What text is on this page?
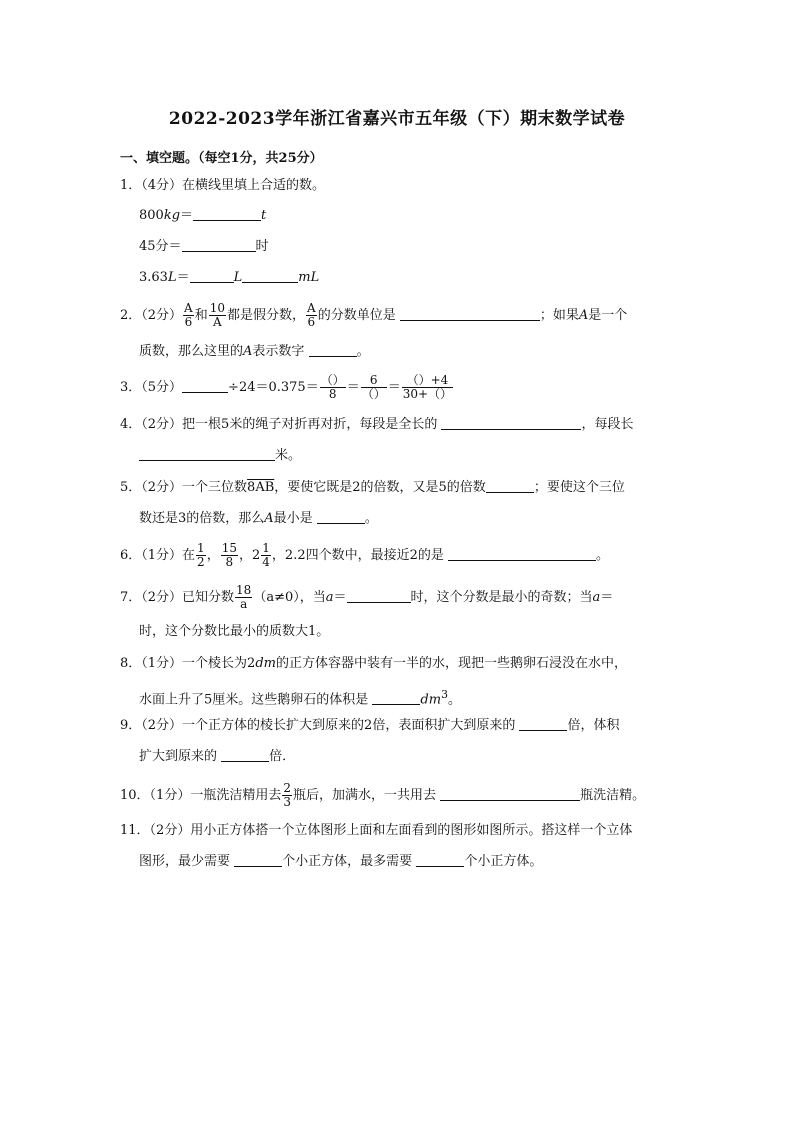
2022-2023学年浙江省嘉兴市五年级（下）期末数学试卷
一、填空题。（每空1分，共25分）
1．（4分）在横线里填上合适的数。
800kg＝	t
45分＝	时
3.63L＝	L	mL
2．（2分） $\frac{A}{6}$ 和 $\frac{10}{A}$ 都是假分数， $\frac{A}{6}$ 的分数单位是	；如果A是一个
质数，那么这里的A表示数字	。
3．（5分）	$\div 24=0.375= \frac{()}{8} = \frac{6}{()} = \frac{()+4}{30+()}$
4．（2分）把一根5米的绳子对折再对折，每段是全长的	，每段长
米。
5．（2分）一个三位数8AB，要使它既是2的倍数，又是5的倍数	；要使这个三位
数还是3的倍数，那么A最小是	。
6．（1分）在 $\frac{1}{2}$ ， $\frac{15}{8}$ ，$2 \frac{1}{4}$ ，2.2四个数中，最接近2的是	。
7．（2分）已知分数 $\frac{18}{a} (a\ne 0)$，当a＝	时，这个分数是最小的奇数；当a＝
时，这个分数比最小的质数大1。
8．（1分）一个棱长为2dm的正方体容器中装有一半的水，现把一些鹅卵石浸没在水中，
水面上升了5厘米。这些鹅卵石的体积是	$dm^3$。
9．（2分）一个正方体的棱长扩大到原来的2倍，表面积扩大到原来的	倍，体积
扩大到原来的	倍．
10．（1分）一瓶洗洁精用去 $\frac{2}{3}$ 瓶后，加满水，一共用去	瓶洗洁精。
11．（2分）用小正方体搭一个立体图形上面和左面看到的图形如图所示。搭这样一个立体
图形，最少需要	个小正方体，最多需要	个小正方体。
